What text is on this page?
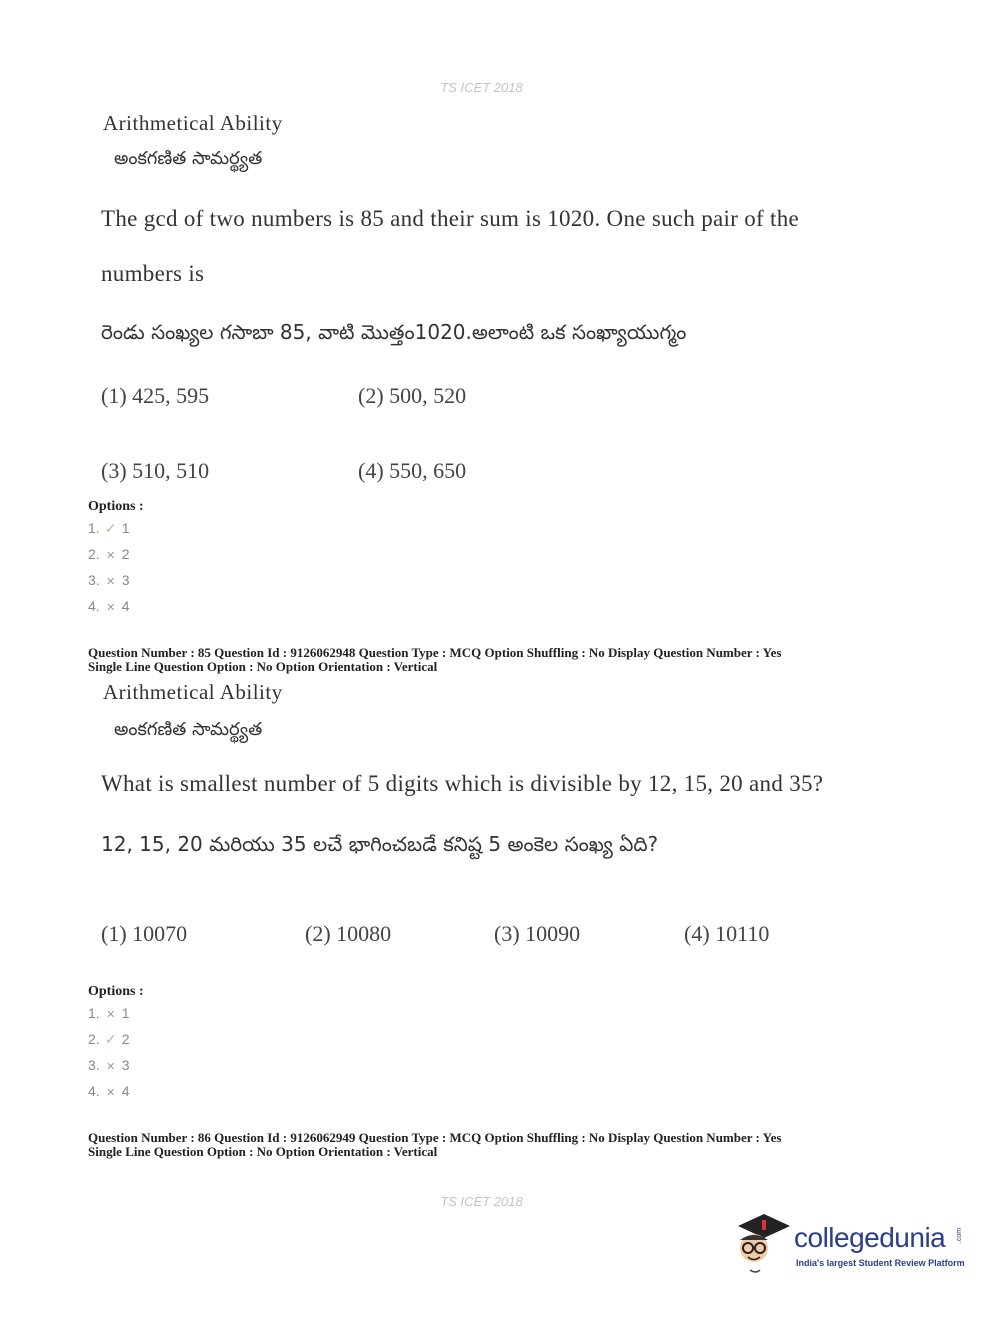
TS ICET 2018
Arithmetical Ability
అంకగణిత సామర్థ్యత
The gcd of two numbers is 85 and their sum is 1020. One such pair of the
numbers is
రెండు సంఖ్యల గసాబా 85, వాటి మొత్తం1020.అలాంటి ఒక సంఖ్యాయుగ్మం
(1) 425, 595	(2) 500, 520
(3) 510, 510	(4) 550, 650
Options :
1. ✓ 1
2. ✕ 2
3. ✕ 3
4. ✕ 4
Question Number : 85 Question Id : 9126062948 Question Type : MCQ Option Shuffling : No Display Question Number : Yes
Single Line Question Option : No Option Orientation : Vertical
Arithmetical Ability
అంకగణిత సామర్థ్యత
What is smallest number of 5 digits which is divisible by 12, 15, 20 and 35?
12, 15, 20 మరియు 35 లచే భాగించబడే కనిష్ట 5 అంకెల సంఖ్య ఏది?
(1) 10070	(2) 10080	(3) 10090	(4) 10110
Options :
1. ✕ 1
2. ✓ 2
3. ✕ 3
4. ✕ 4
Question Number : 86 Question Id : 9126062949 Question Type : MCQ Option Shuffling : No Display Question Number : Yes
Single Line Question Option : No Option Orientation : Vertical
TS ICET 2018
collegedunia .com
India's largest Student Review Platform
